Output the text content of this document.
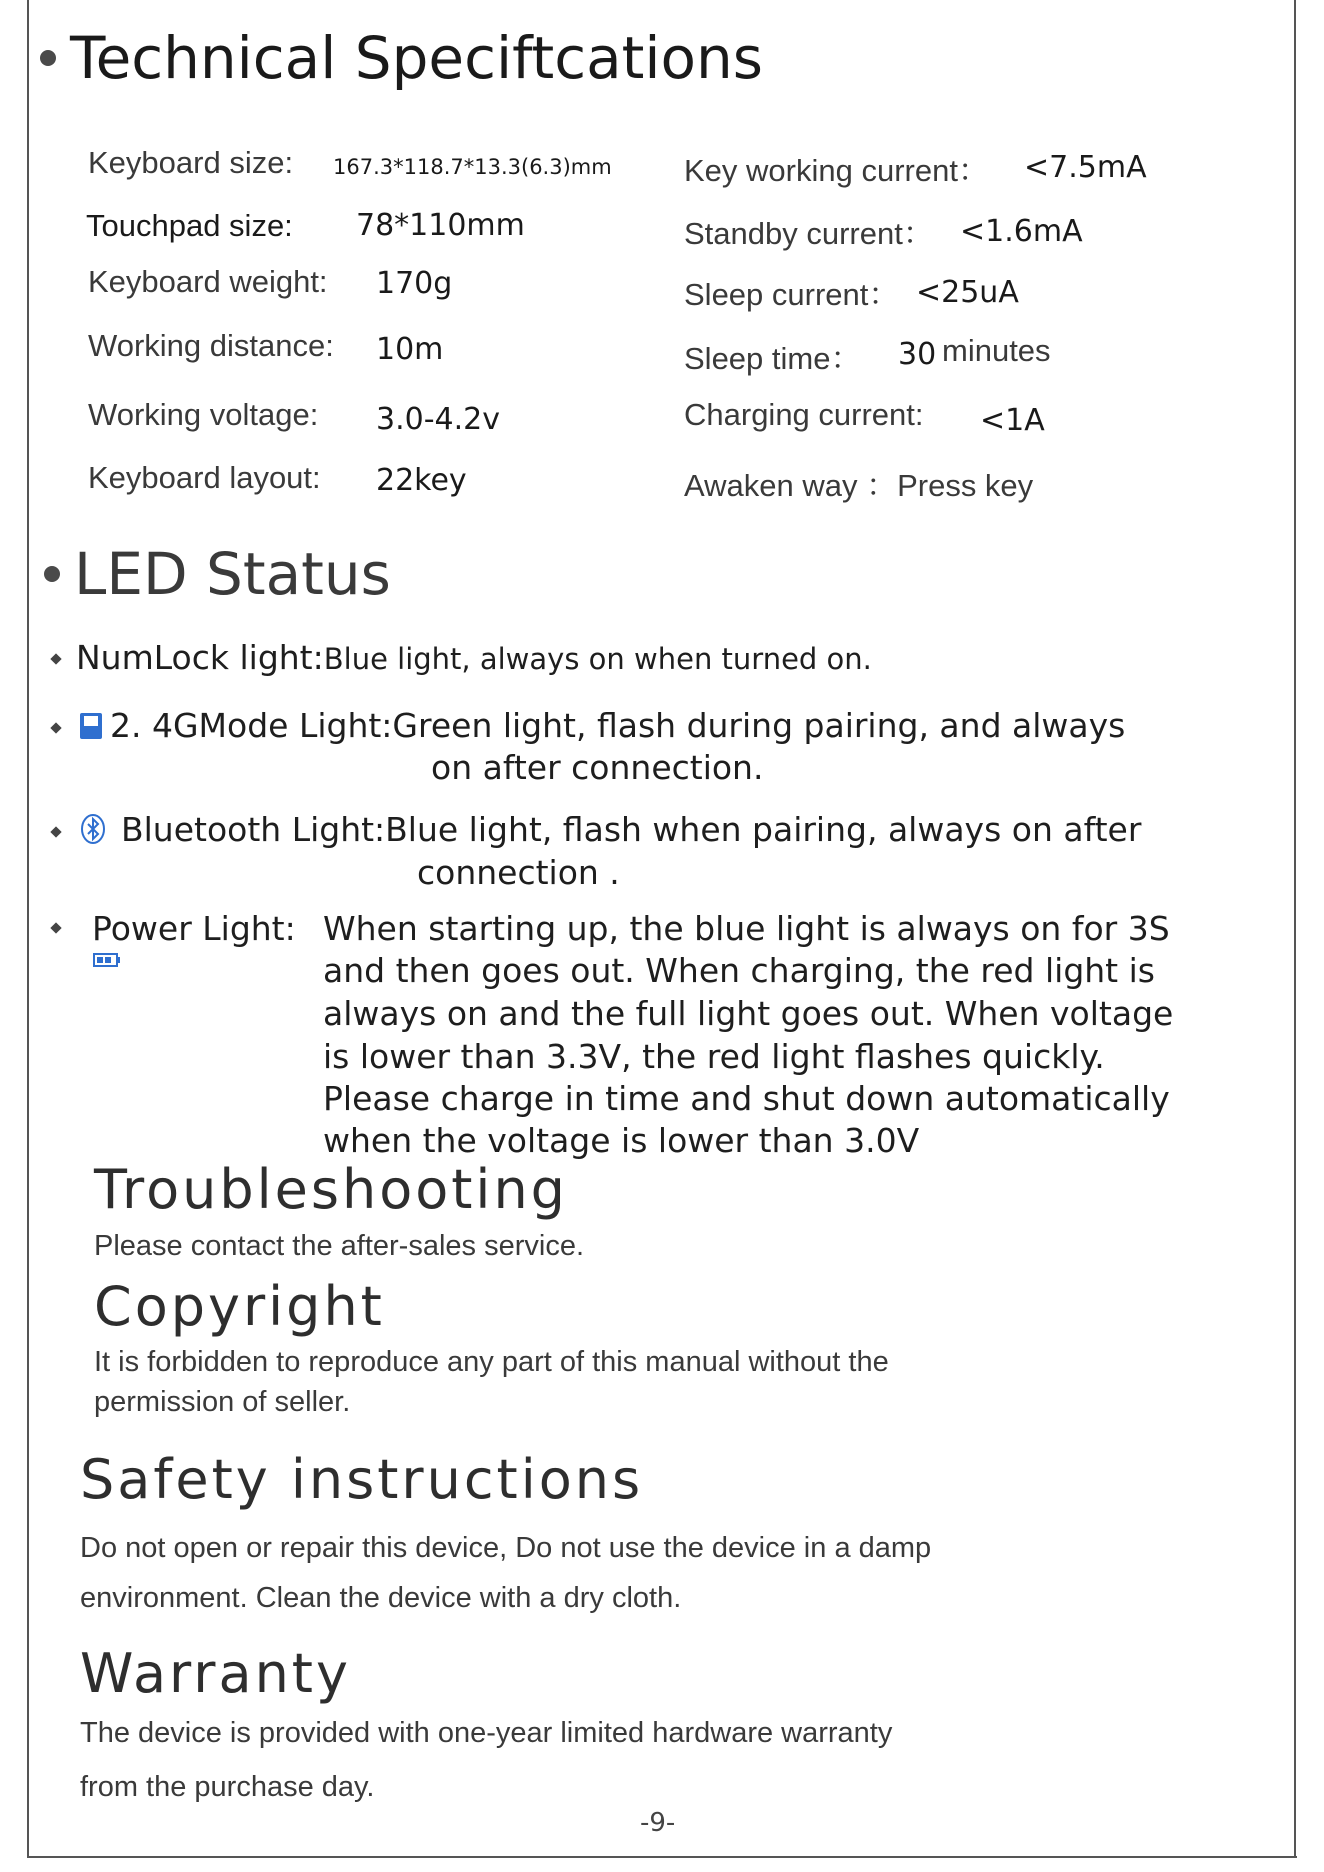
Technical Speciftcations
Keyboard size: 167.3*118.7*13.3(6.3)mm
Touchpad size: 78*110mm
Keyboard weight: 170g
Working distance: 10m
Working voltage: 3.0-4.2v
Keyboard layout: 22key
Key working current： <7.5mA
Standby current： <1.6mA
Sleep current： <25uA
Sleep time： 30 minutes
Charging current: <1A
Awaken way ：Press key
LED Status
NumLock light:Blue light, always on when turned on.
2. 4GMode Light:Green light, flash during pairing, and always
on after connection.
Bluetooth Light:Blue light, flash when pairing, always on after
connection .
Power Light: When starting up, the blue light is always on for 3S
and then goes out. When charging, the red light is
always on and the full light goes out. When voltage
is lower than 3.3V, the red light flashes quickly.
Please charge in time and shut down automatically
when the voltage is lower than 3.0V
Troubleshooting
Please contact the after-sales service.
Copyright
It is forbidden to reproduce any part of this manual without the
permission of seller.
Safety instructions
Do not open or repair this device, Do not use the device in a damp
environment. Clean the device with a dry cloth.
Warranty
The device is provided with one-year limited hardware warranty
from the purchase day.
-9-
